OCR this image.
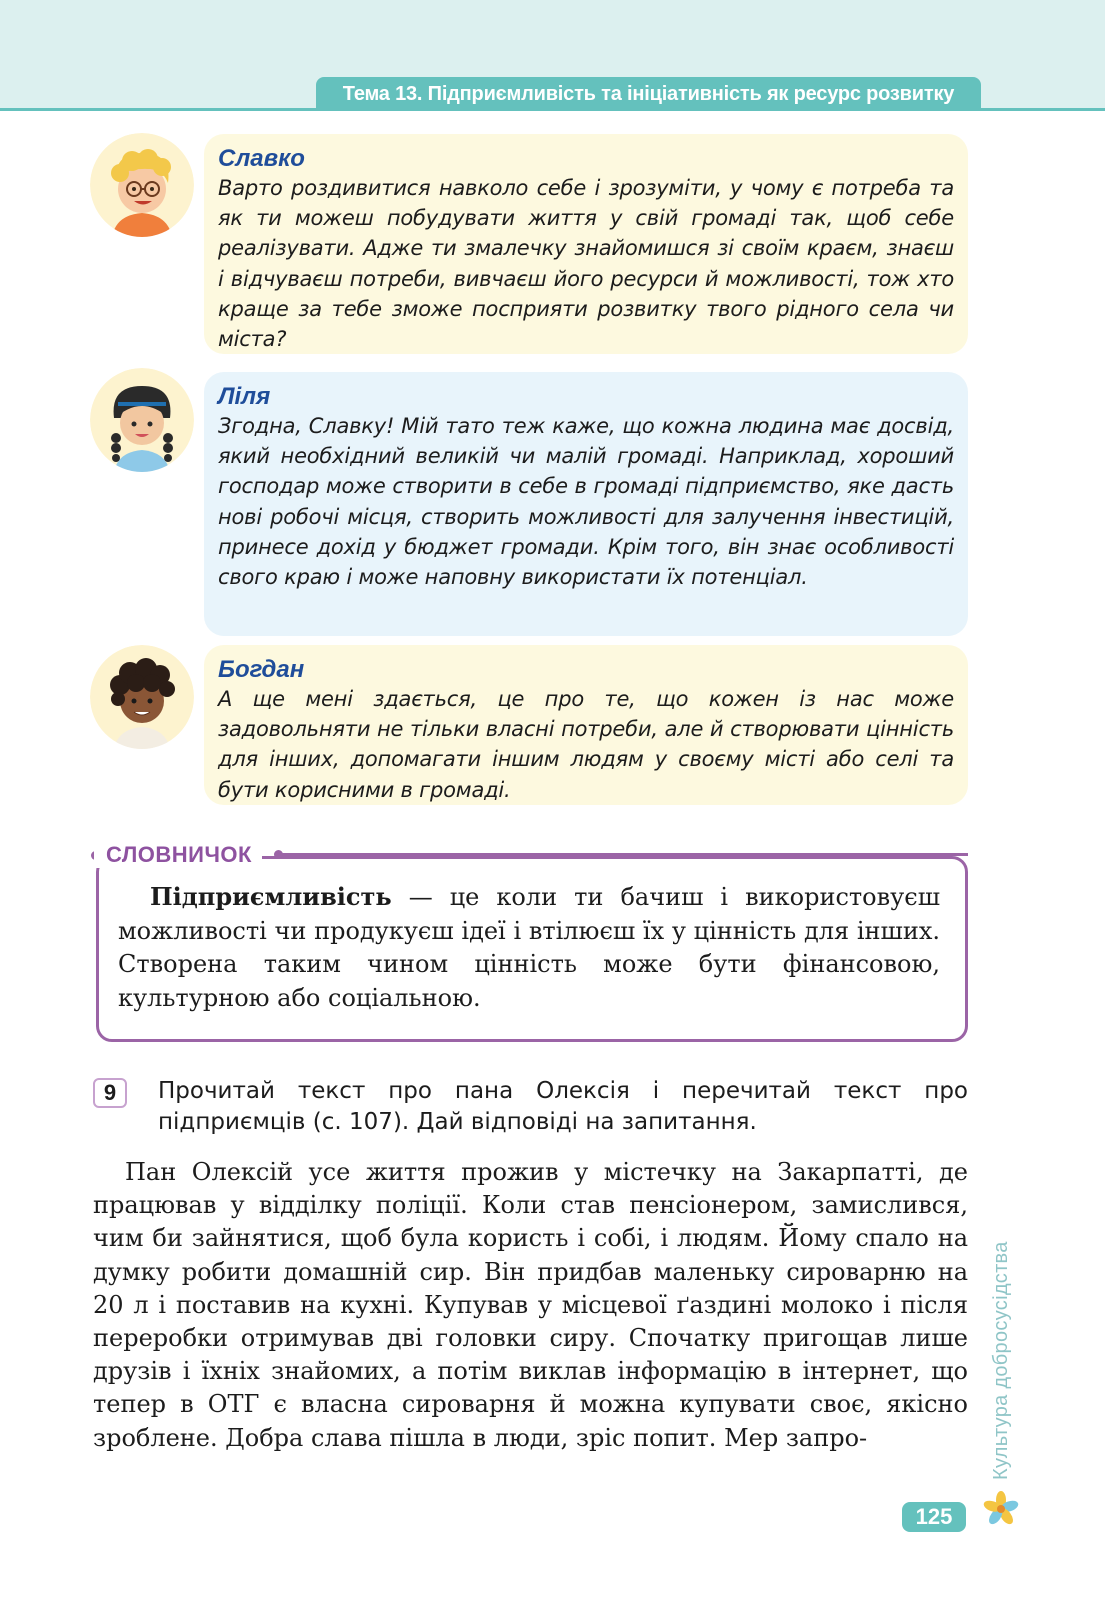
Тема 13. Підприємливість та ініціативність як ресурс розвитку
Славко
Варто роздивитися навколо себе і зрозуміти, у чому є потреба та як ти можеш побудувати життя у свій громаді так, щоб себе реалізувати. Адже ти змалечку знайомишся зі своїм краєм, знаєш і відчуваєш потреби, вивчаєш його ресурси й можливості, тож хто краще за тебе зможе посприяти розвитку твого рідного села чи міста?
Ліля
Згодна, Славку! Мій тато теж каже, що кожна людина має досвід, який необхідний великій чи малій громаді. Наприклад, хороший господар може створити в себе в громаді підприємство, яке дасть нові робочі місця, створить можливості для залучення інвестицій, принесе дохід у бюджет громади. Крім того, він знає особливості свого краю і може наповну використати їх потенціал.
Богдан
А ще мені здається, це про те, що кожен із нас може задовольняти не тільки власні потреби, але й створювати цінність для інших, допомагати іншим людям у своєму місті або селі та бути корисними в громаді.
СЛОВНИЧОК
Підприємливість — це коли ти бачиш і використовуєш можливості чи продукуєш ідеї і втілюєш їх у цінність для інших. Створена таким чином цінність може бути фінансовою, культурною або соціальною.
9	Прочитай текст про пана Олексія і перечитай текст про підприємців (с. 107). Дай відповіді на запитання.
Пан Олексій усе життя прожив у містечку на Закарпатті, де працював у відділку поліції. Коли став пенсіонером, замислився, чим би зайнятися, щоб була користь і собі, і людям. Йому спало на думку робити домашній сир. Він придбав маленьку сироварню на 20 л і поставив на кухні. Купував у місцевої ґаздині молоко і після переробки отримував дві головки сиру. Спочатку пригощав лише друзів і їхніх знайомих, а потім виклав інформацію в інтернет, що тепер в ОТГ є власна сироварня й можна купувати своє, якісно зроблене. Добра слава пішла в люди, зріс попит. Мер запро-	Культура добросусідства
125
